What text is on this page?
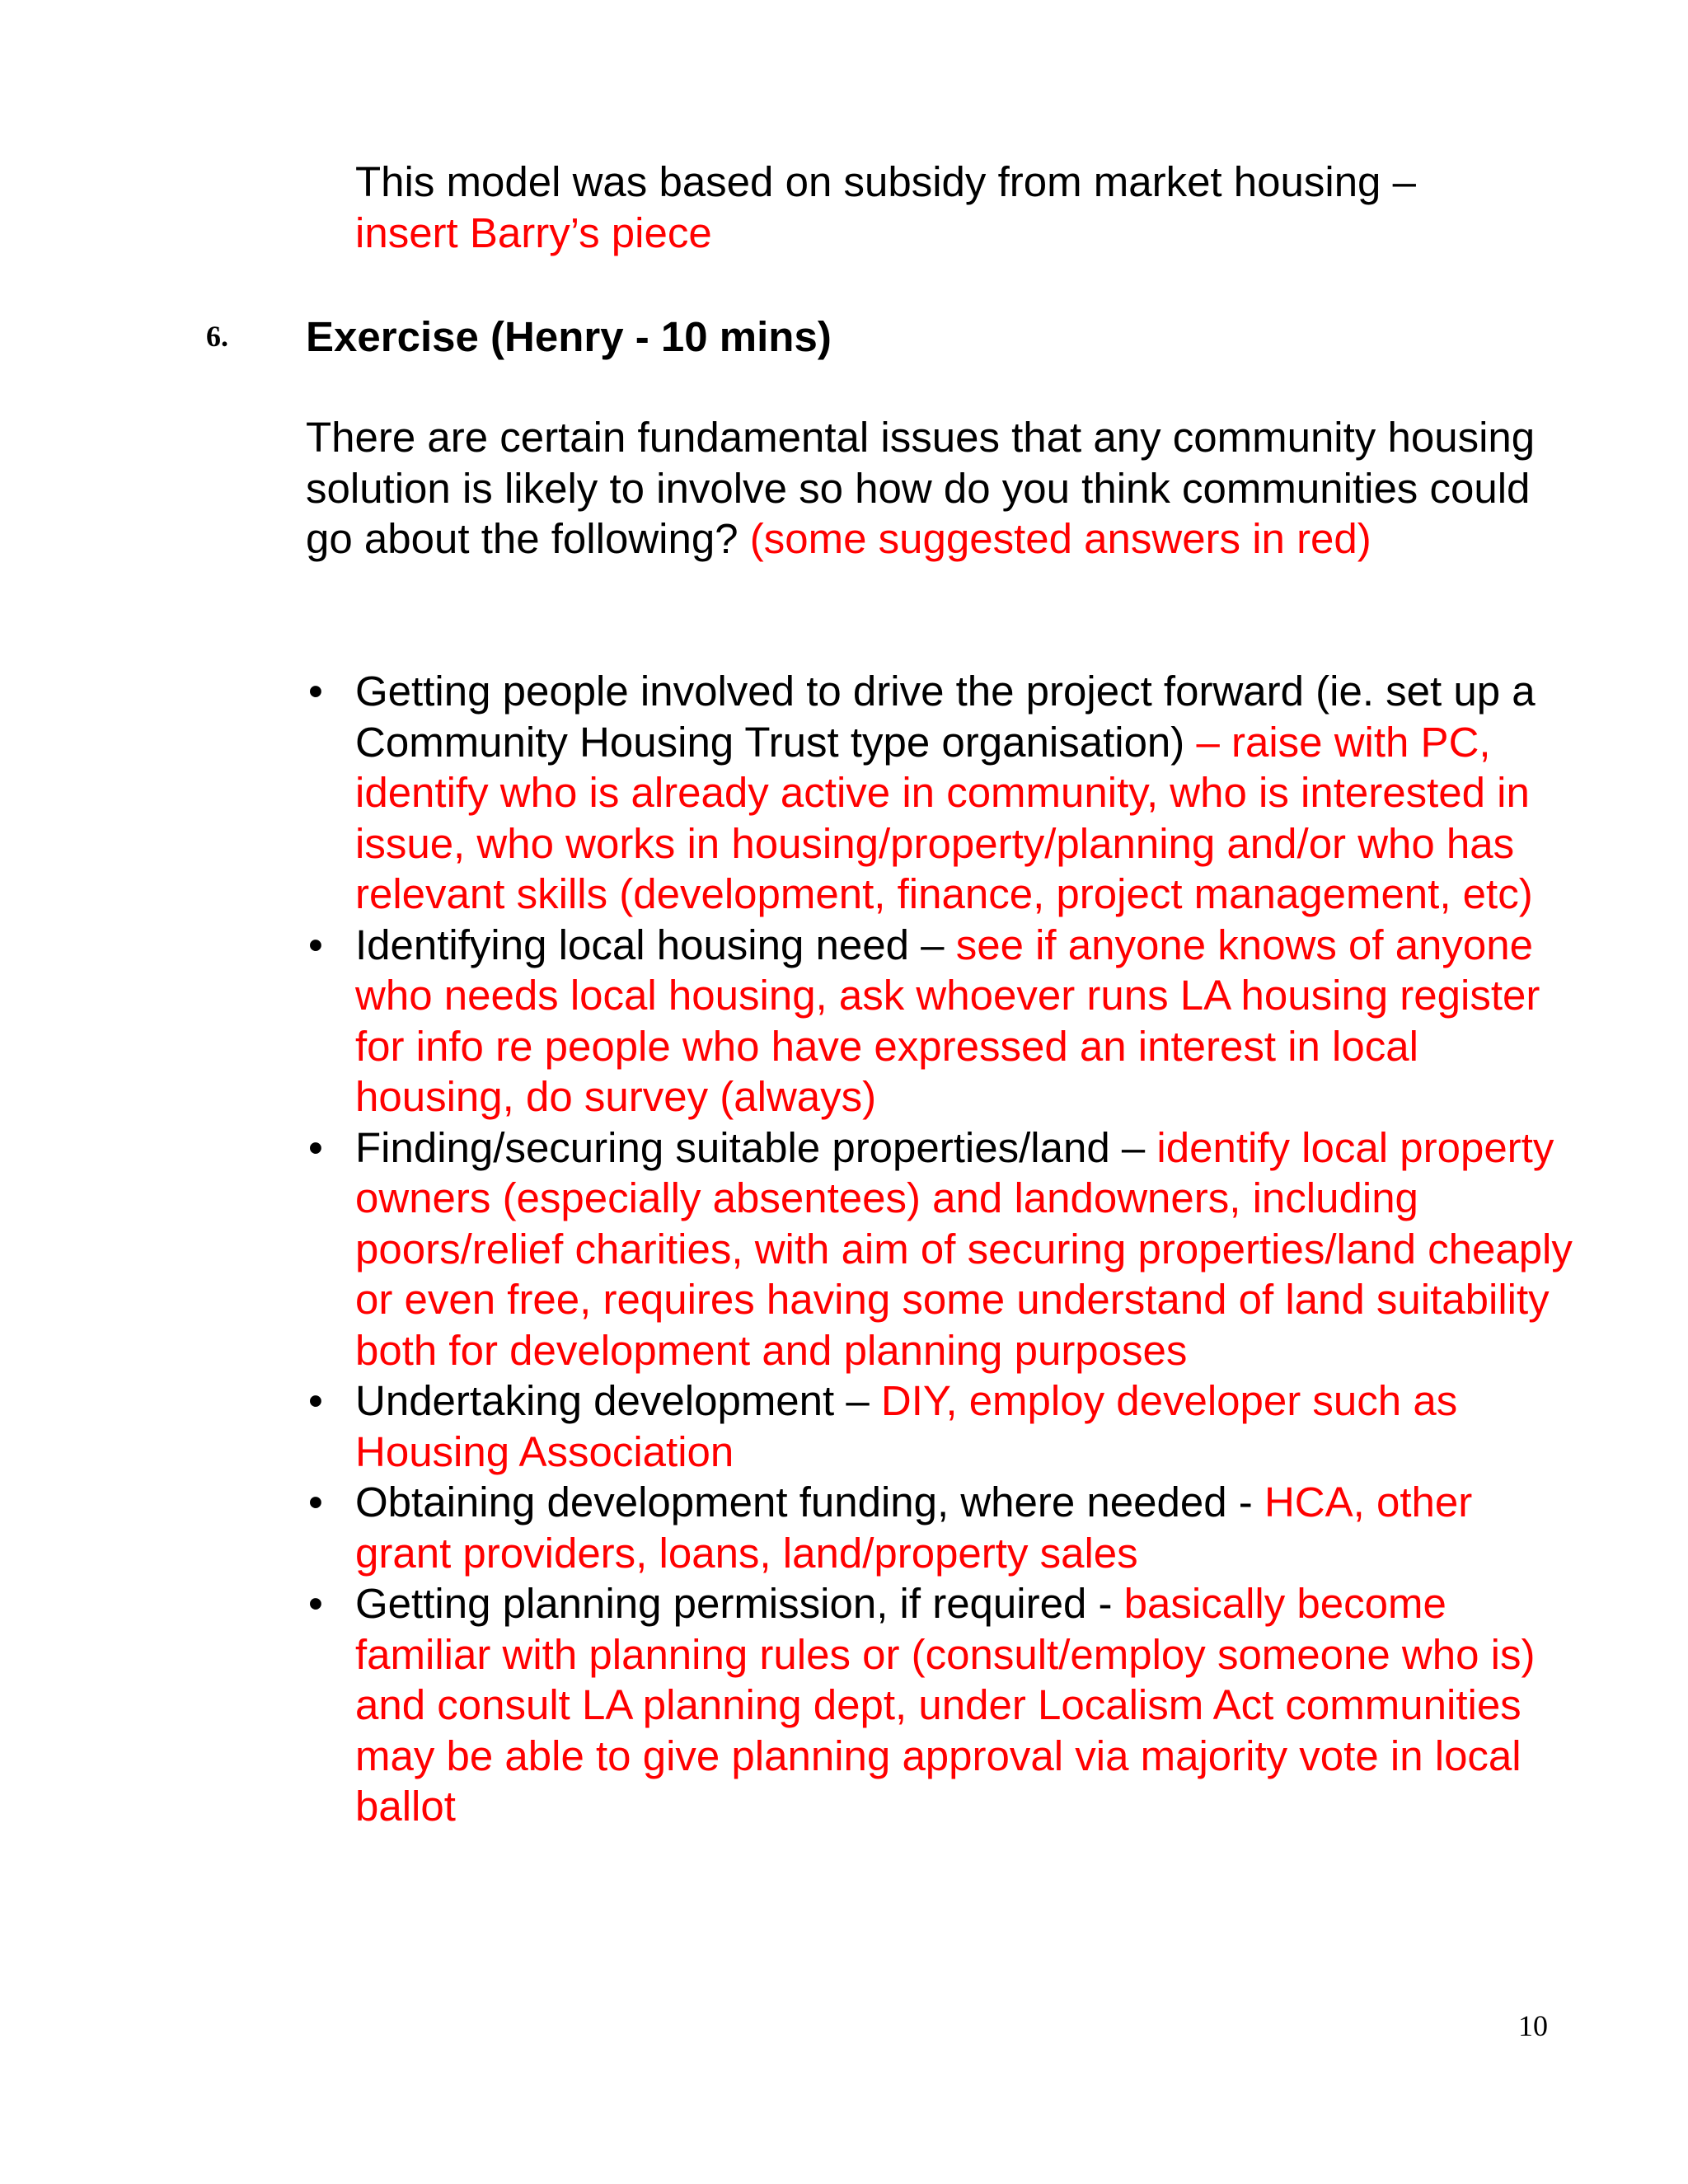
This model was based on subsidy from market housing –
insert Barry’s piece

6. Exercise (Henry - 10 mins)

There are certain fundamental issues that any community housing solution is likely to involve so how do you think communities could go about the following? (some suggested answers in red)

• Getting people involved to drive the project forward (ie. set up a Community Housing Trust type organisation) – raise with PC, identify who is already active in community, who is interested in issue, who works in housing/property/planning and/or who has relevant skills (development, finance, project management, etc)
• Identifying local housing need – see if anyone knows of anyone who needs local housing, ask whoever runs LA housing register for info re people who have expressed an interest in local housing, do survey (always)
• Finding/securing suitable properties/land – identify local property owners (especially absentees) and landowners, including poors/relief charities, with aim of securing properties/land cheaply or even free, requires having some understand of land suitability both for development and planning purposes
• Undertaking development – DIY, employ developer such as Housing Association
• Obtaining development funding, where needed - HCA, other grant providers, loans, land/property sales
• Getting planning permission, if required - basically become familiar with planning rules or (consult/employ someone who is) and consult LA planning dept, under Localism Act communities may be able to give planning approval via majority vote in local ballot
10
